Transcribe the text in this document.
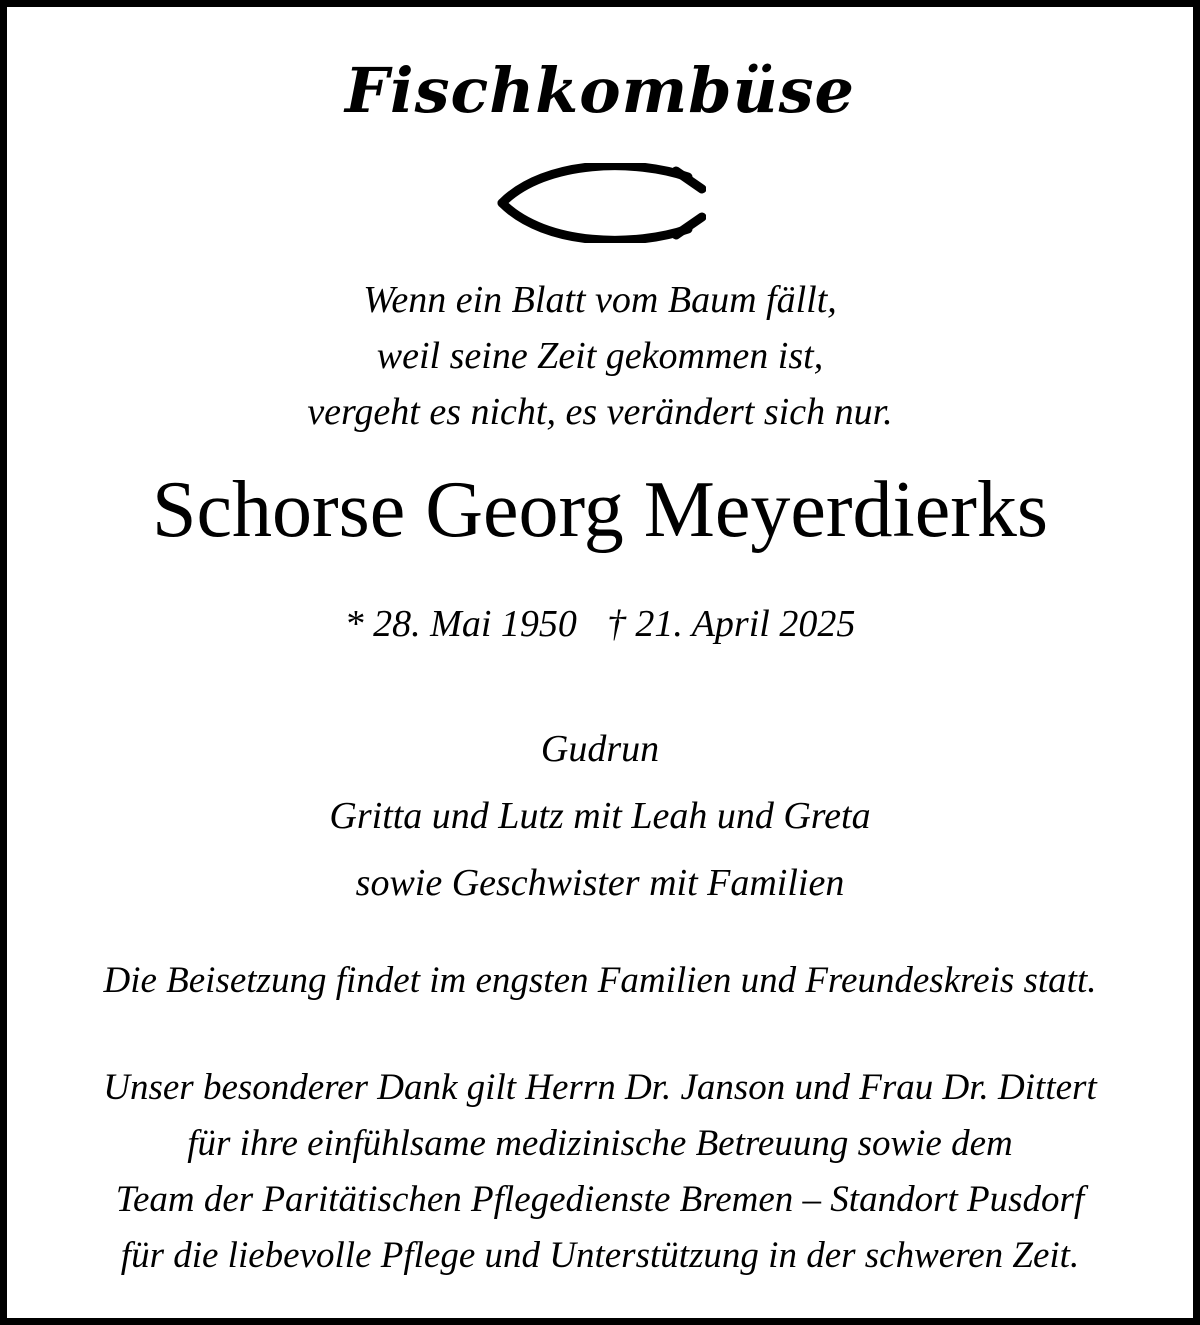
Fischkombüse
Wenn ein Blatt vom Baum fällt,
weil seine Zeit gekommen ist,
vergeht es nicht, es verändert sich nur.
Schorse Georg Meyerdierks
* 28. Mai 1950 † 21. April 2025
Gudrun
Gritta und Lutz mit Leah und Greta
sowie Geschwister mit Familien
Die Beisetzung findet im engsten Familien und Freundeskreis statt.
Unser besonderer Dank gilt Herrn Dr. Janson und Frau Dr. Dittert
für ihre einfühlsame medizinische Betreuung sowie dem
Team der Paritätischen Pflegedienste Bremen – Standort Pusdorf
für die liebevolle Pflege und Unterstützung in der schweren Zeit.
